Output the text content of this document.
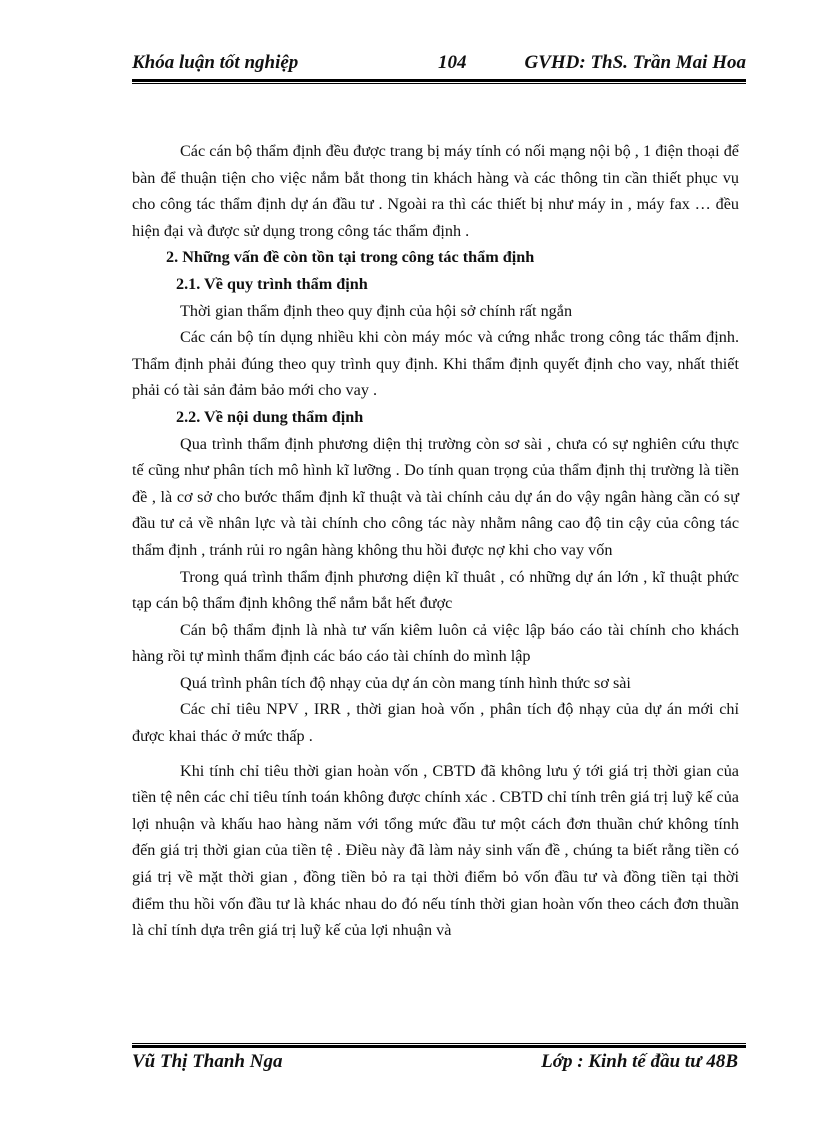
Khóa luận tốt nghiệp	104	GVHD: ThS. Trần Mai Hoa

Các cán bộ thẩm định đều được trang bị máy tính có nối mạng nội bộ , 1 điện thoại để bàn để thuận tiện cho việc nắm bắt thong tin khách hàng và các thông tin cần thiết phục vụ cho công tác thẩm định dự án đầu tư . Ngoài ra thì các thiết bị như máy in , máy fax … đều hiện đại và được sử dụng trong công tác thẩm định .

2. Những vấn đề còn tồn tại trong công tác thẩm định

2.1. Về quy trình thẩm định

Thời gian thẩm định theo quy định của hội sở chính rất ngắn

Các cán bộ tín dụng nhiều khi còn máy móc và cứng nhắc trong công tác thẩm định. Thẩm định phải đúng theo quy trình quy định. Khi thẩm định quyết định cho vay, nhất thiết phải có tài sản đảm bảo mới cho vay .

2.2. Về nội dung thẩm định

Qua trình thẩm định phương diện thị trường còn sơ sài , chưa có sự nghiên cứu thực tế cũng như phân tích mô hình kĩ lưỡng . Do tính quan trọng của thẩm định thị trường là tiền đề , là cơ sở cho bước thẩm định kĩ thuật và tài chính cảu dự án do vậy ngân hàng cần có sự đầu tư cả về nhân lực và tài chính cho công tác này nhằm nâng cao độ tin cậy của công tác thẩm định , tránh rủi ro ngân hàng không thu hồi được nợ khi cho vay vốn

Trong quá trình thẩm định phương diện kĩ thuât , có những dự án lớn , kĩ thuật phức tạp cán bộ thẩm định không thể nắm bắt hết được

Cán bộ thẩm định là nhà tư vấn kiêm luôn cả việc lập báo cáo tài chính cho khách hàng rồi tự mình thẩm định các báo cáo tài chính do mình lập

Quá trình phân tích độ nhạy của dự án còn mang tính hình thức sơ sài

Các chỉ tiêu NPV , IRR , thời gian hoà vốn , phân tích độ nhạy của dự án mới chỉ được khai thác ở mức thấp .

Khi tính chỉ tiêu thời gian hoàn vốn , CBTD đã không lưu ý tới giá trị thời gian của tiền tệ nên các chỉ tiêu tính toán không được chính xác . CBTD chỉ tính trên giá trị luỹ kế của lợi nhuận và khấu hao hàng năm với tổng mức đầu tư một cách đơn thuần chứ không tính đến giá trị thời gian của tiền tệ . Điều này đã làm nảy sinh vấn đề , chúng ta biết rằng tiền có giá trị về mặt thời gian , đồng tiền bỏ ra tại thời điểm bỏ vốn đầu tư và đồng tiền tại thời điểm thu hồi vốn đầu tư là khác nhau do đó nếu tính thời gian hoàn vốn theo cách đơn thuần là chỉ tính dựa trên giá trị luỹ kế của lợi nhuận và

Vũ Thị Thanh Nga	Lớp : Kinh tế đầu tư 48B
